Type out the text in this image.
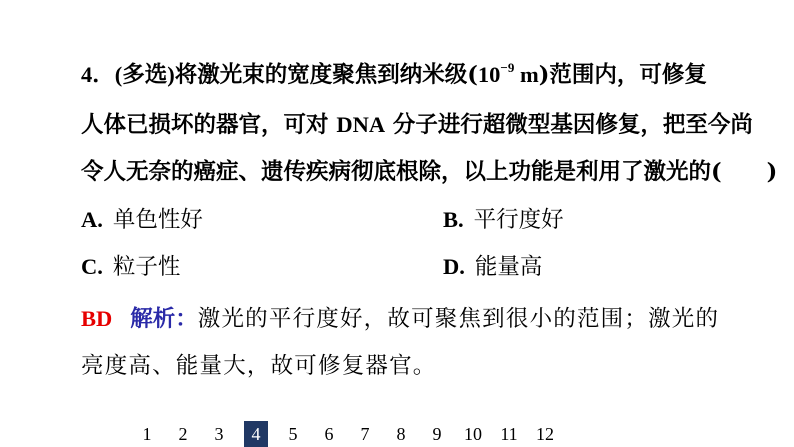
4．(多选)将激光束的宽度聚焦到纳米级($10^{-9}$ m)范围内，可修复
人体已损坏的器官，可对 DNA 分子进行超微型基因修复，把至今尚
令人无奈的癌症、遗传疾病彻底根除，以上功能是利用了激光的(　　)
A. 单色性好	B. 平行度好
C. 粒子性	D. 能量高
BD 解析：激光的平行度好，故可聚焦到很小的范围；激光的
亮度高、能量大，故可修复器官。
1	2	3	4	5	6	7	8	9	10 11 12
